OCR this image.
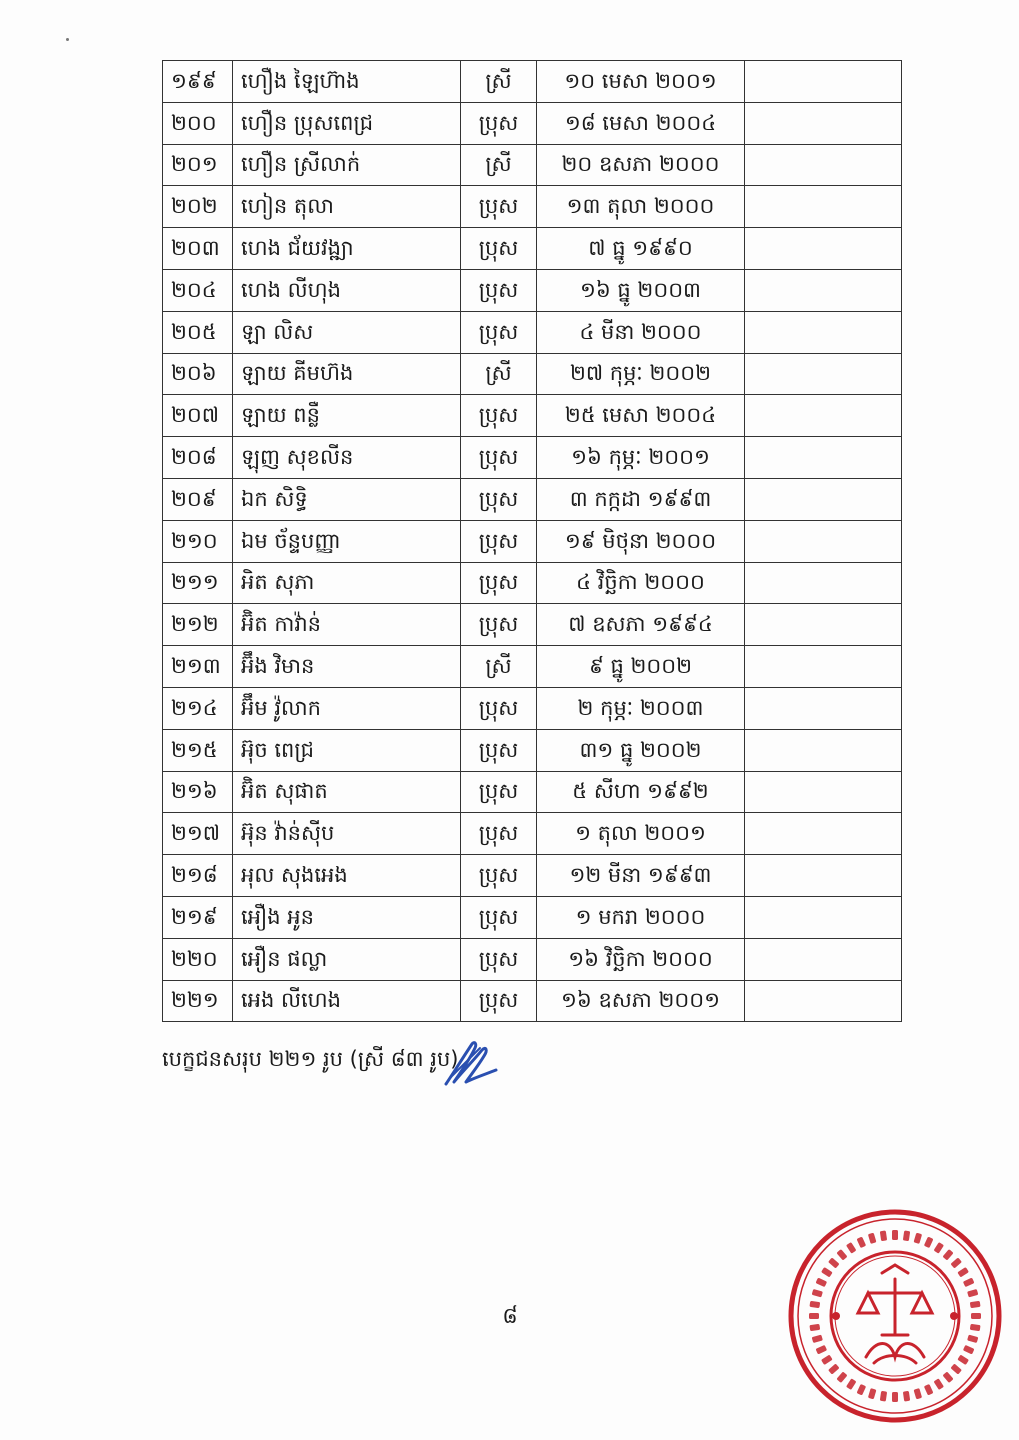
១៩៩	ហឿង ឡៃហ៊ាង	ស្រី	១០ មេសា ២០០១	
២០០	ហឿន ប្រុសពេជ្រ	ប្រុស	១៨ មេសា ២០០៤	
២០១	ហឿន ស្រីលាក់	ស្រី	២០ ឧសភា ២០០០	
២០២	ហៀន តុលា	ប្រុស	១៣ តុលា ២០០០	
២០៣	ហេង ជ័យវង្ឍា	ប្រុស	៧ ធ្នូ ១៩៩០	
២០៤	ហេង លីហុង	ប្រុស	១៦ ធ្នូ ២០០៣	
២០៥	ឡា លិស	ប្រុស	៤ មីនា ២០០០	
២០៦	ឡាយ គីមហ៊ង	ស្រី	២៧ កុម្ភៈ ២០០២	
២០៧	ឡាយ ពន្លឺ	ប្រុស	២៥ មេសា ២០០៤	
២០៨	ឡុញ សុខលីន	ប្រុស	១៦ កុម្ភៈ ២០០១	
២០៩	ឯក សិទ្ធិ	ប្រុស	៣ កក្កដា ១៩៩៣	
២១០	ឯម ច័ន្ទបញ្ញា	ប្រុស	១៩ មិថុនា ២០០០	
២១១	អិត សុភា	ប្រុស	៤ វិច្ឆិកា ២០០០	
២១២	អ៊ិត កាវ៉ាន់	ប្រុស	៧ ឧសភា ១៩៩៤	
២១៣	អ៊ឹង វិមាន	ស្រី	៩ ធ្នូ ២០០២	
២១៤	អ៊ឹម វ៉ូលាក	ប្រុស	២ កុម្ភៈ ២០០៣	
២១៥	អ៊ុច ពេជ្រ	ប្រុស	៣១ ធ្នូ ២០០២	
២១៦	អ៊ិត សុផាត	ប្រុស	៥ សីហា ១៩៩២	
២១៧	អ៊ុន វ៉ាន់ស៊ីប	ប្រុស	១ តុលា ២០០១	
២១៨	អុល សុងអេង	ប្រុស	១២ មីនា ១៩៩៣	
២១៩	អឿង អូន	ប្រុស	១ មករា ២០០០	
២២០	អឿន ផល្លា	ប្រុស	១៦ វិច្ឆិកា ២០០០	
២២១	អេង លីហេង	ប្រុស	១៦ ឧសភា ២០០១	
បេក្ខជនសរុប ២២១ រូប (ស្រី ៨៣ រូប)
៨
